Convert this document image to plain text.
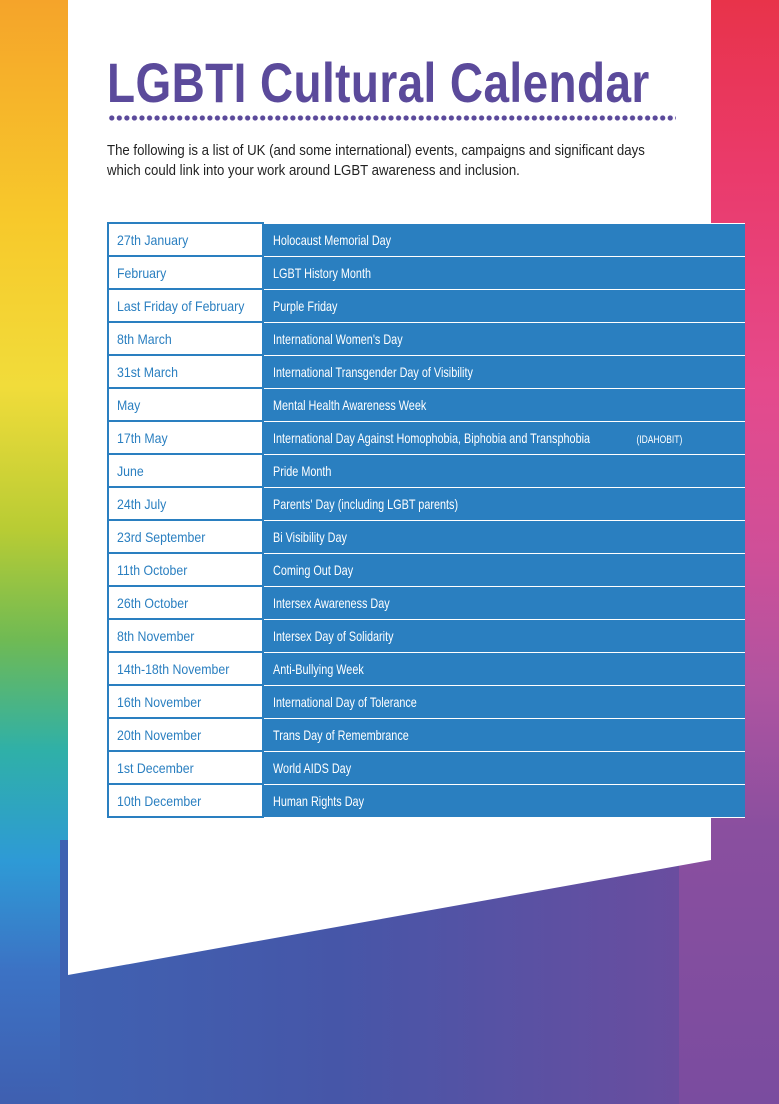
LGBTI Cultural Calendar
The following is a list of UK (and some international) events, campaigns and significant days which could link into your work around LGBT awareness and inclusion.
27th January	Holocaust Memorial Day
February	LGBT History Month
Last Friday of February	Purple Friday
8th March	International Women's Day
31st March	International Transgender Day of Visibility
May	Mental Health Awareness Week
17th May	International Day Against Homophobia, Biphobia and Transphobia (IDAHOBIT)
June	Pride Month
24th July	Parents' Day (including LGBT parents)
23rd September	Bi Visibility Day
11th October	Coming Out Day
26th October	Intersex Awareness Day
8th November	Intersex Day of Solidarity
14th-18th November	Anti-Bullying Week
16th November	International Day of Tolerance
20th November	Trans Day of Remembrance
1st December	World AIDS Day
10th December	Human Rights Day
